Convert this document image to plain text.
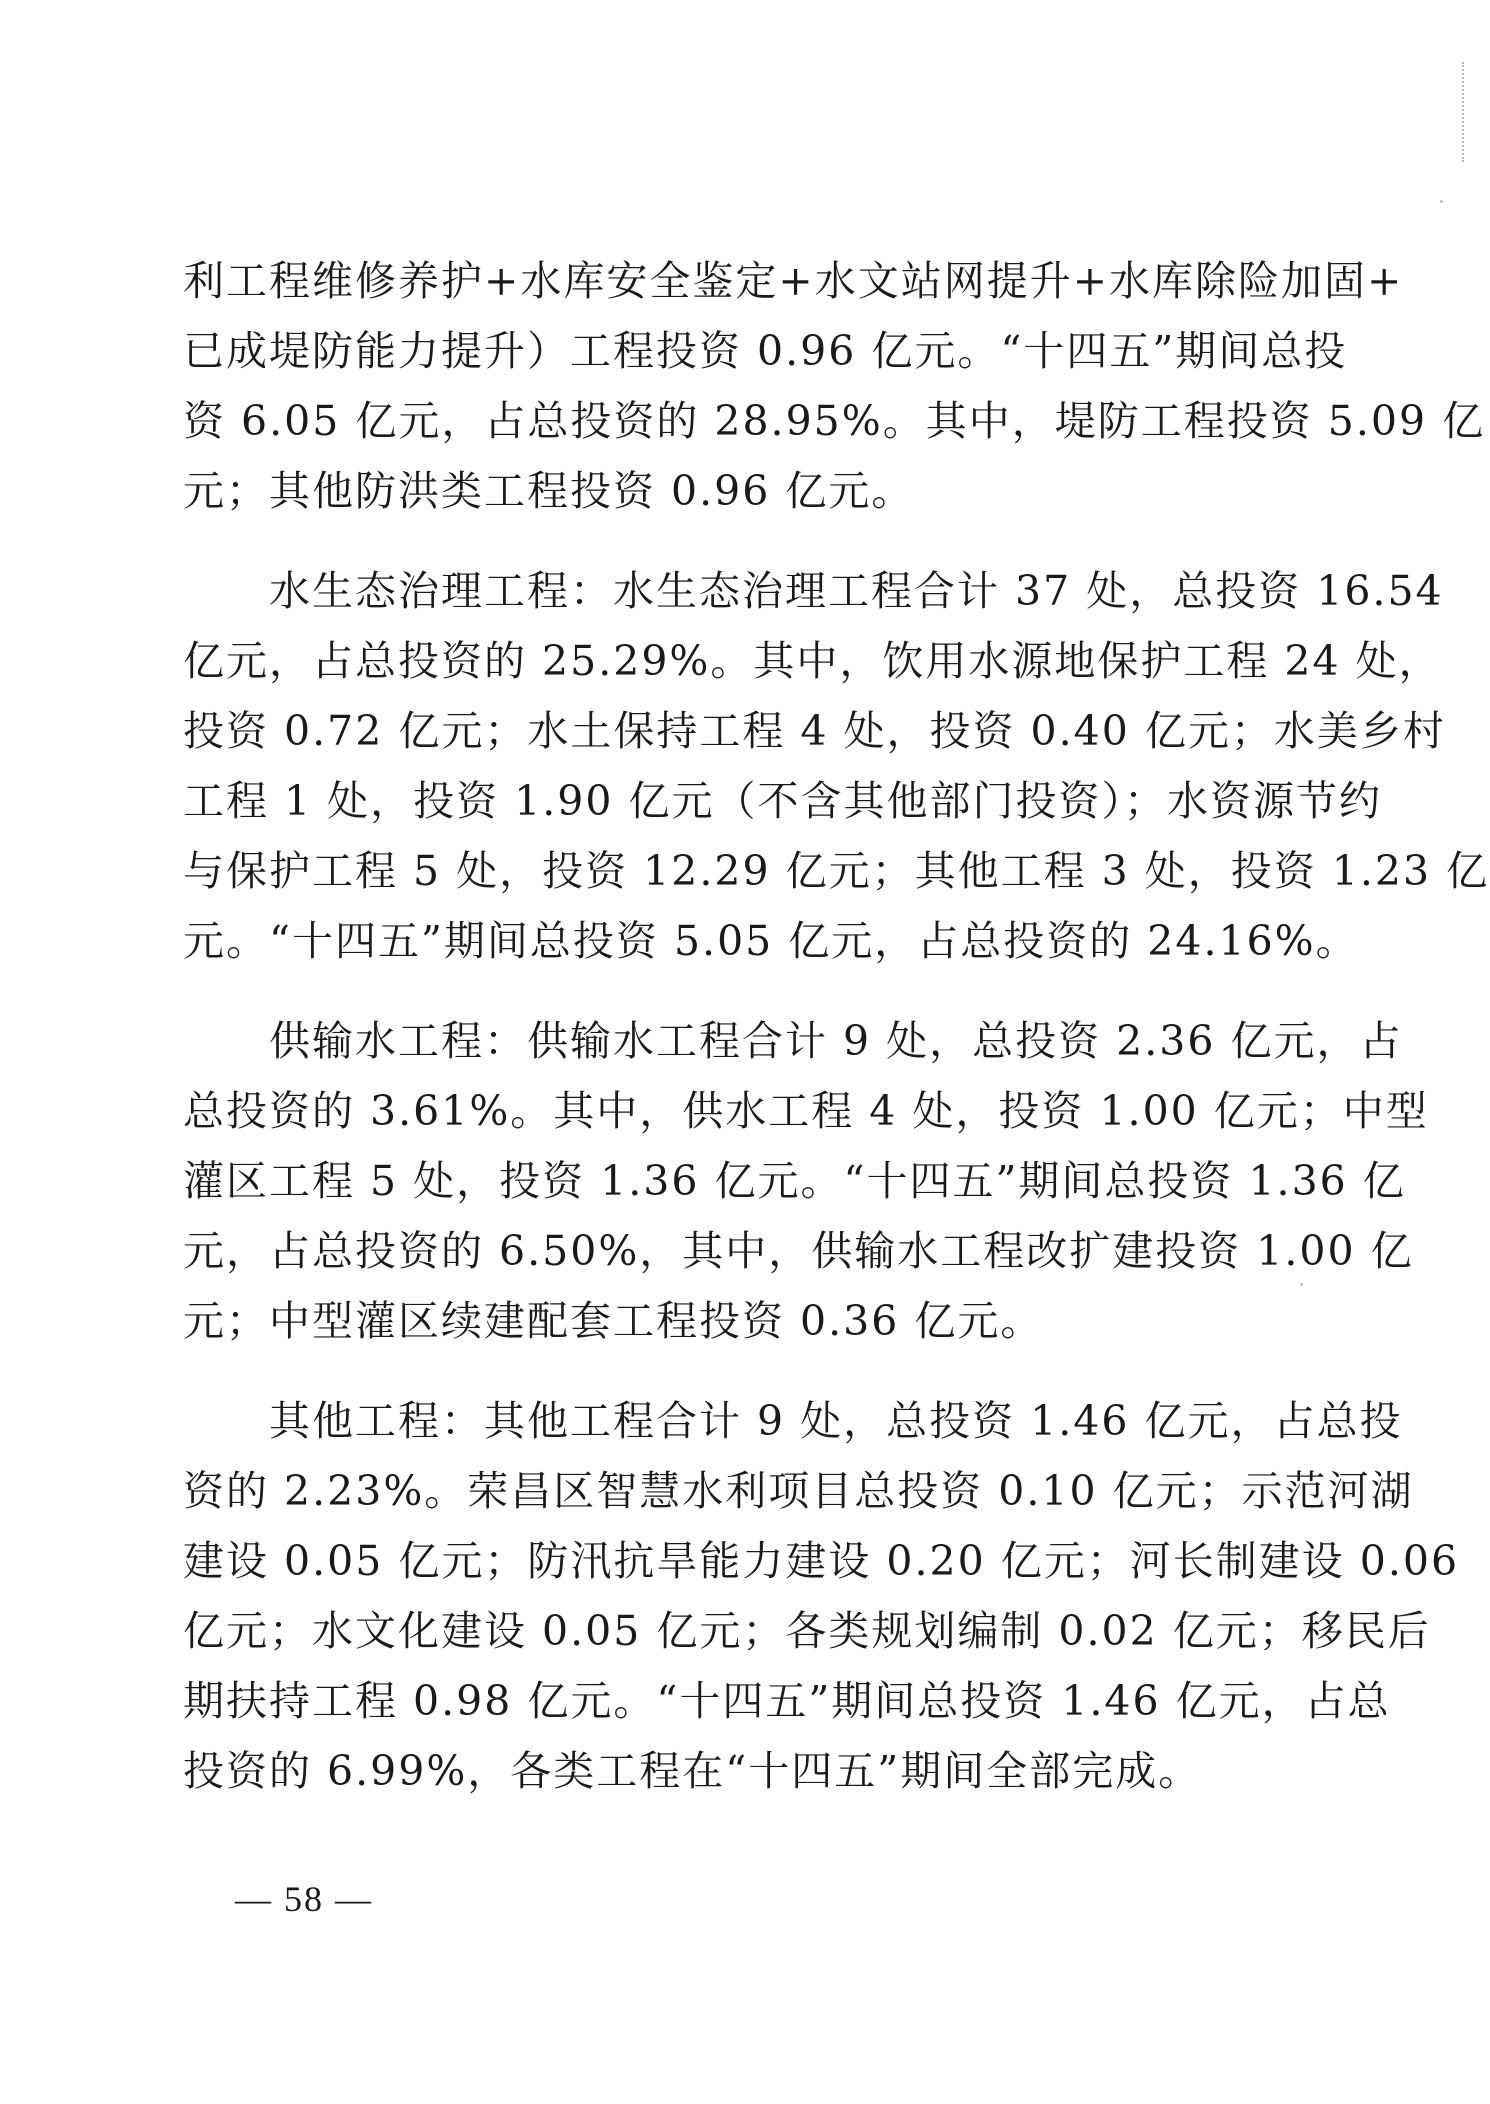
利工程维修养护+水库安全鉴定+水文站网提升+水库除险加固+
已成堤防能力提升）工程投资 0.96 亿元。“十四五”期间总投
资 6.05 亿元，占总投资的 28.95%。其中，堤防工程投资 5.09 亿
元；其他防洪类工程投资 0.96 亿元。
　　水生态治理工程：水生态治理工程合计 37 处，总投资 16.54
亿元，占总投资的 25.29%。其中，饮用水源地保护工程 24 处，
投资 0.72 亿元；水土保持工程 4 处，投资 0.40 亿元；水美乡村
工程 1 处，投资 1.90 亿元（不含其他部门投资）；水资源节约
与保护工程 5 处，投资 12.29 亿元；其他工程 3 处，投资 1.23 亿
元。“十四五”期间总投资 5.05 亿元，占总投资的 24.16%。
　　供输水工程：供输水工程合计 9 处，总投资 2.36 亿元，占
总投资的 3.61%。其中，供水工程 4 处，投资 1.00 亿元；中型
灌区工程 5 处，投资 1.36 亿元。“十四五”期间总投资 1.36 亿
元，占总投资的 6.50%，其中，供输水工程改扩建投资 1.00 亿
元；中型灌区续建配套工程投资 0.36 亿元。
　　其他工程：其他工程合计 9 处，总投资 1.46 亿元，占总投
资的 2.23%。荣昌区智慧水利项目总投资 0.10 亿元；示范河湖
建设 0.05 亿元；防汛抗旱能力建设 0.20 亿元；河长制建设 0.06
亿元；水文化建设 0.05 亿元；各类规划编制 0.02 亿元；移民后
期扶持工程 0.98 亿元。“十四五”期间总投资 1.46 亿元，占总
投资的 6.99%，各类工程在“十四五”期间全部完成。
— 58 —
